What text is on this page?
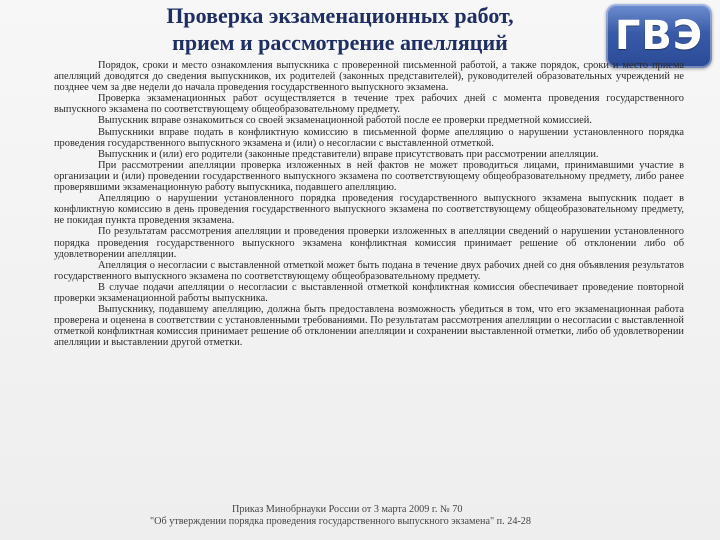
Проверка экзаменационных работ,
прием и рассмотрение апелляций	ГВЭ

Порядок, сроки и место ознакомления выпускника с проверенной письменной работой, а также порядок, сроки и место приема апелляций доводятся до сведения выпускников, их родителей (законных представителей), руководителей образовательных учреждений не позднее чем за две недели до начала проведения государственного выпускного экзамена.

Проверка экзаменационных работ осуществляется в течение трех рабочих дней с момента проведения государственного выпускного экзамена по соответствующему общеобразовательному предмету.

Выпускник вправе ознакомиться со своей экзаменационной работой после ее проверки предметной комиссией.

Выпускники вправе подать в конфликтную комиссию в письменной форме апелляцию о нарушении установленного порядка проведения государственного выпускного экзамена и (или) о несогласии с выставленной отметкой.

Выпускник и (или) его родители (законные представители) вправе присутствовать при рассмотрении апелляции.

При рассмотрении апелляции проверка изложенных в ней фактов не может проводиться лицами, принимавшими участие в организации и (или) проведении государственного выпускного экзамена по соответствующему общеобразовательному предмету, либо ранее проверявшими экзаменационную работу выпускника, подавшего апелляцию.

Апелляцию о нарушении установленного порядка проведения государственного выпускного экзамена выпускник подает в конфликтную комиссию в день проведения государственного выпускного экзамена по соответствующему общеобразовательному предмету, не покидая пункта проведения экзамена.

По результатам рассмотрения апелляции и проведения проверки изложенных в апелляции сведений о нарушении установленного порядка проведения государственного выпускного экзамена конфликтная комиссия принимает решение об отклонении либо об удовлетворении апелляции.

Апелляция о несогласии с выставленной отметкой может быть подана в течение двух рабочих дней со дня объявления результатов государственного выпускного экзамена по соответствующему общеобразовательному предмету.

В случае подачи апелляции о несогласии с выставленной отметкой конфликтная комиссия обеспечивает проведение повторной проверки экзаменационной работы выпускника.

Выпускнику, подавшему апелляцию, должна быть предоставлена возможность убедиться в том, что его экзаменационная работа проверена и оценена в соответствии с установленными требованиями. По результатам рассмотрения апелляции о несогласии с выставленной отметкой конфликтная комиссия принимает решение об отклонении апелляции и сохранении выставленной отметки, либо об удовлетворении апелляции и выставлении другой отметки.

Приказ Минобрнауки России от 3 марта 2009 г. № 70
"Об утверждении порядка проведения государственного выпускного экзамена" п. 24-28
